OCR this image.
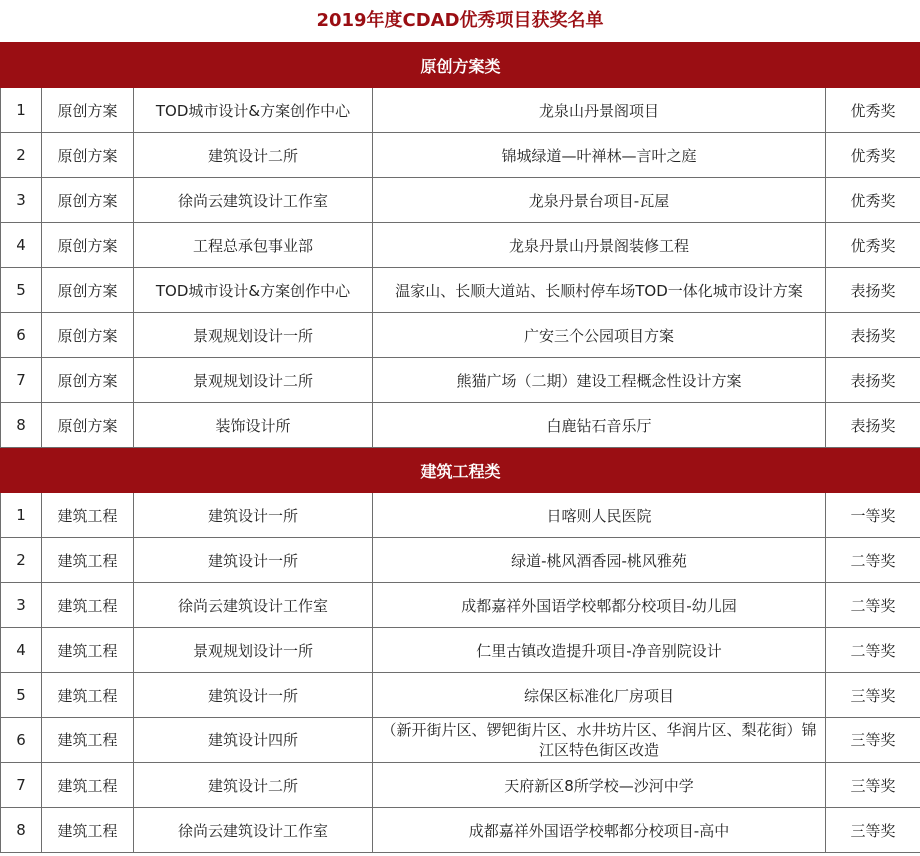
2019年度CDAD优秀项目获奖名单
原创方案类				
1	原创方案	TOD城市设计&方案创作中心	龙泉山丹景阁项目	优秀奖
2	原创方案	建筑设计二所	锦城绿道—叶禅林—言叶之庭	优秀奖
3	原创方案	徐尚云建筑设计工作室	龙泉丹景台项目-瓦屋	优秀奖
4	原创方案	工程总承包事业部	龙泉丹景山丹景阁装修工程	优秀奖
5	原创方案	TOD城市设计&方案创作中心	温家山、长顺大道站、长顺村停车场TOD一体化城市设计方案	表扬奖
6	原创方案	景观规划设计一所	广安三个公园项目方案	表扬奖
7	原创方案	景观规划设计二所	熊猫广场（二期）建设工程概念性设计方案	表扬奖
8	原创方案	装饰设计所	白鹿钻石音乐厅	表扬奖
建筑工程类				
1	建筑工程	建筑设计一所	日喀则人民医院	一等奖
2	建筑工程	建筑设计一所	绿道-桃风酒香园-桃风雅苑	二等奖
3	建筑工程	徐尚云建筑设计工作室	成都嘉祥外国语学校郫都分校项目-幼儿园	二等奖
4	建筑工程	景观规划设计一所	仁里古镇改造提升项目-净音别院设计	二等奖
5	建筑工程	建筑设计一所	综保区标准化厂房项目	三等奖
6	建筑工程	建筑设计四所	（新开街片区、锣钯街片区、水井坊片区、华润片区、梨花街）锦江区特色街区改造	三等奖
7	建筑工程	建筑设计二所	天府新区8所学校—沙河中学	三等奖
8	建筑工程	徐尚云建筑设计工作室	成都嘉祥外国语学校郫都分校项目-高中	三等奖
